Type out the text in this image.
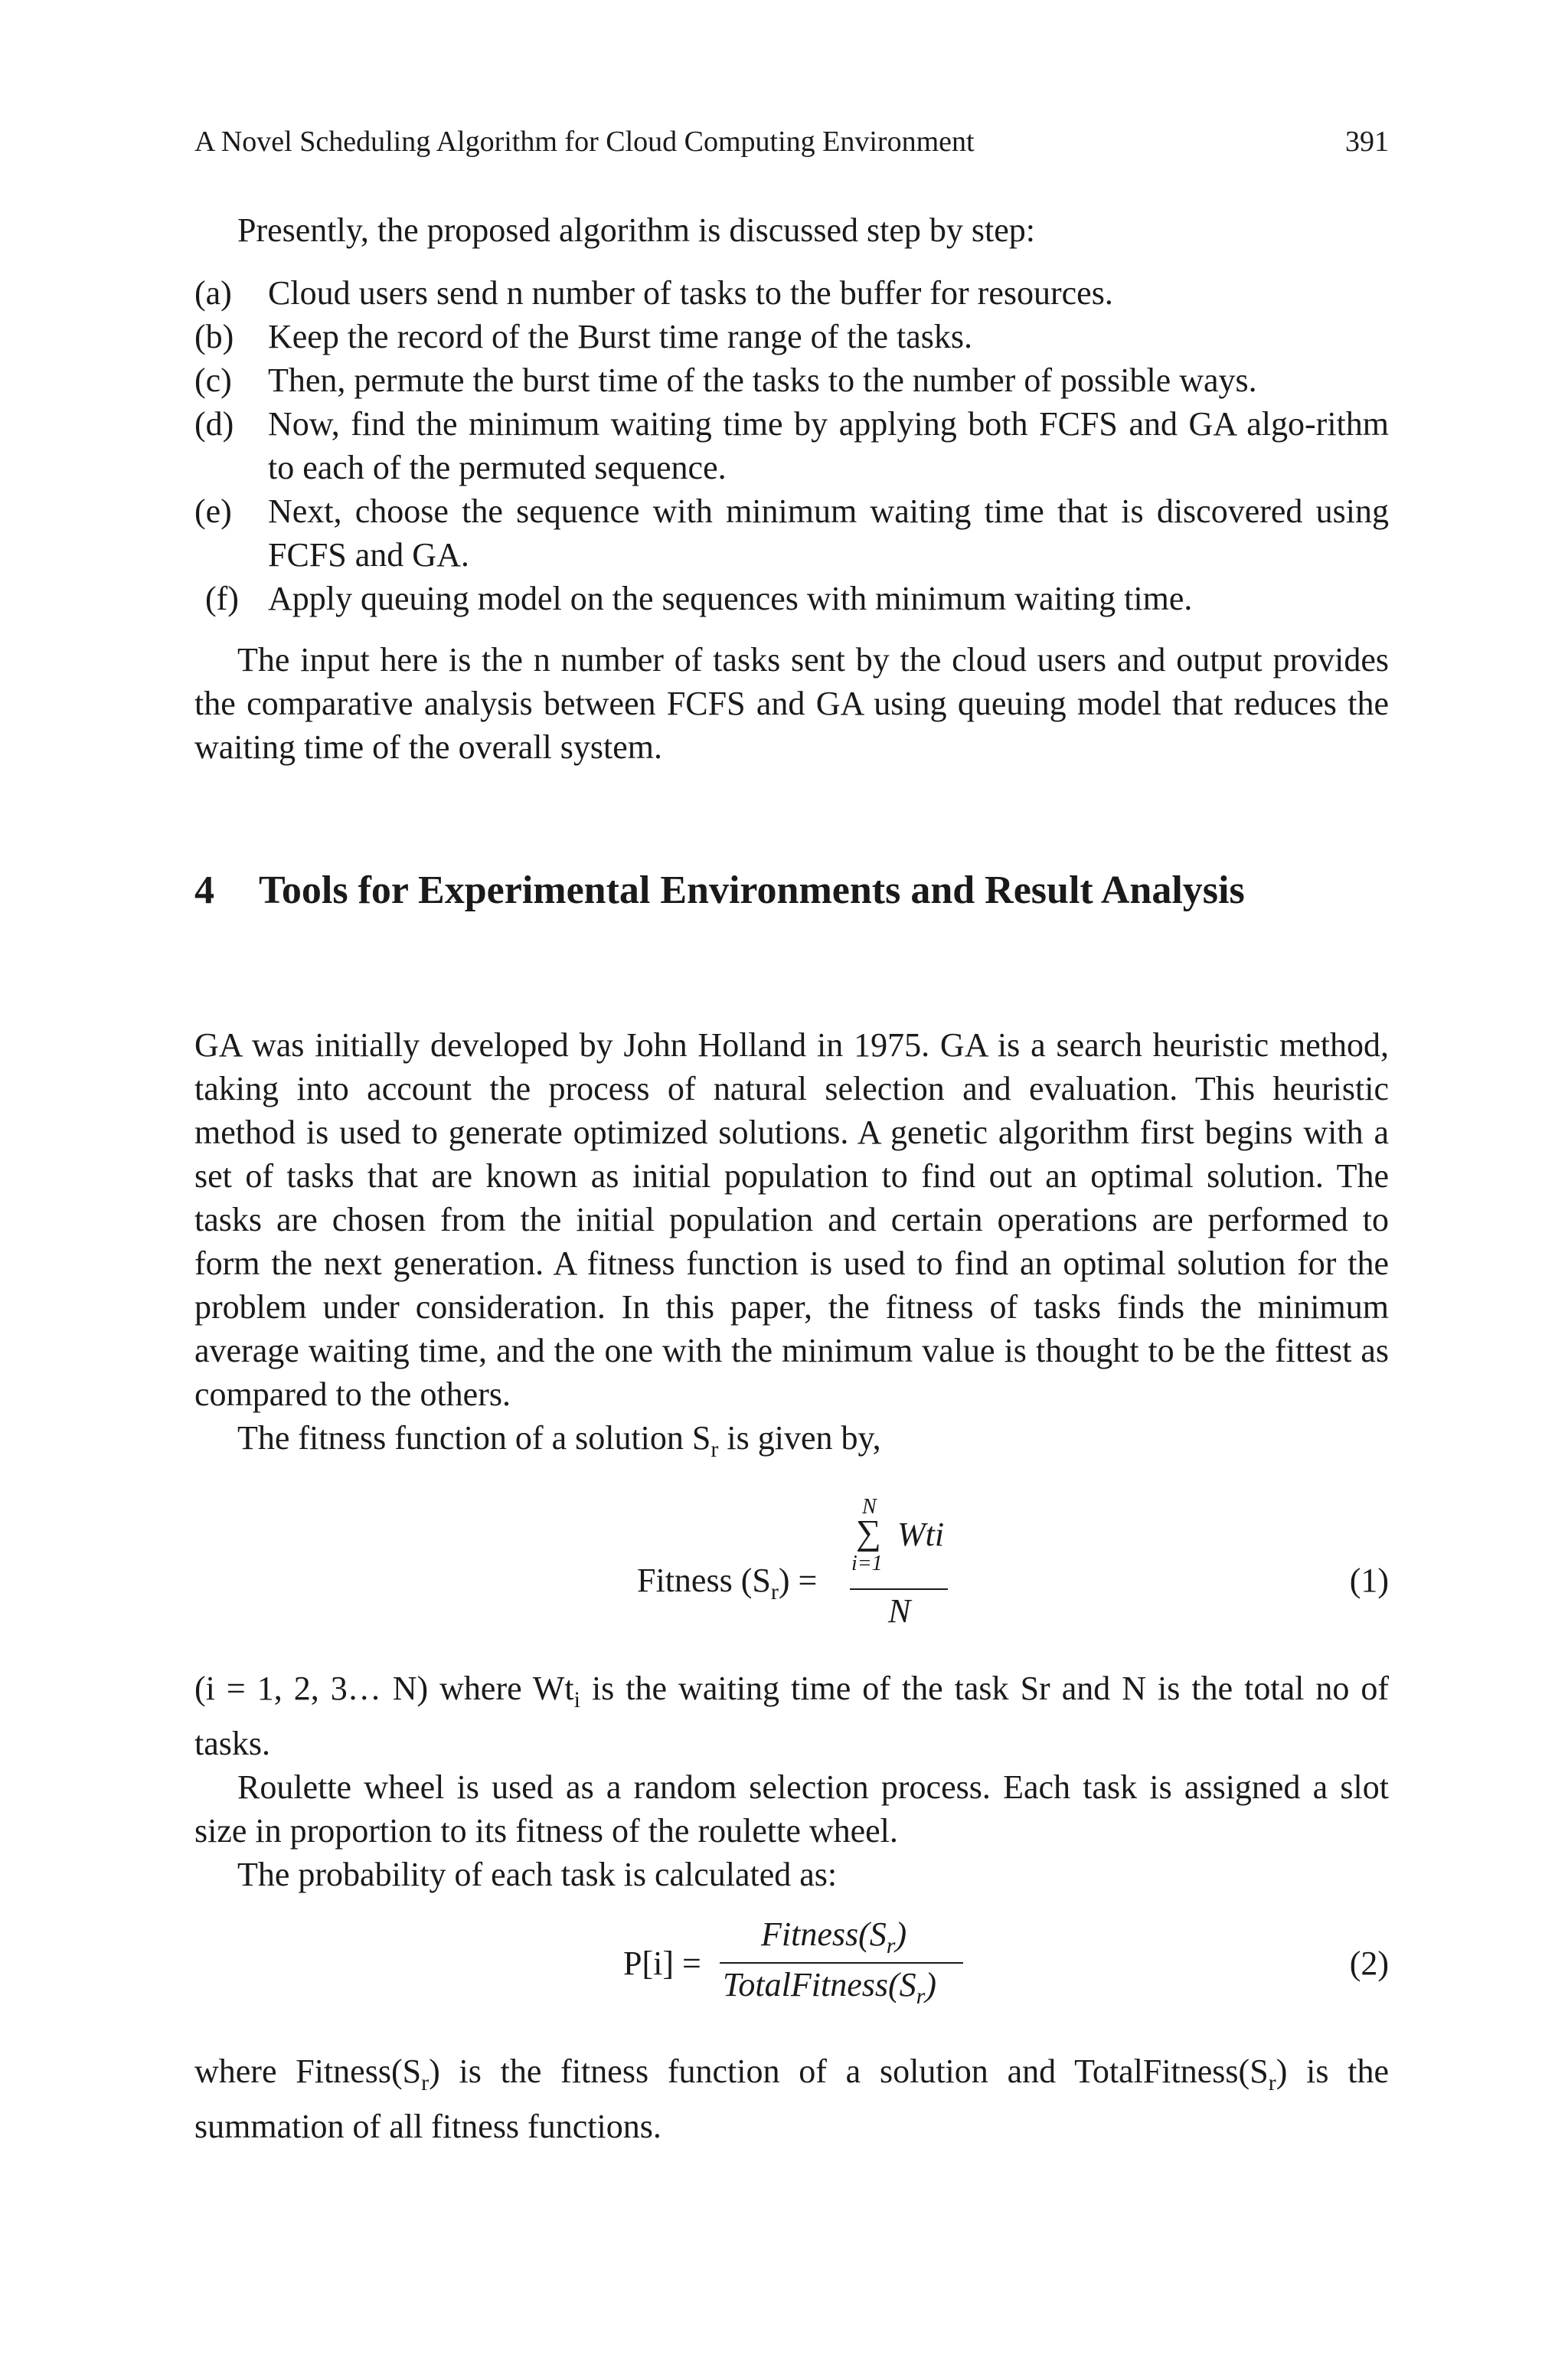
A Novel Scheduling Algorithm for Cloud Computing Environment	391

Presently, the proposed algorithm is discussed step by step:

(a) Cloud users send n number of tasks to the buffer for resources.
(b) Keep the record of the Burst time range of the tasks.
(c) Then, permute the burst time of the tasks to the number of possible ways.
(d) Now, find the minimum waiting time by applying both FCFS and GA algo-rithm to each of the permuted sequence.
(e) Next, choose the sequence with minimum waiting time that is discovered using FCFS and GA.
(f) Apply queuing model on the sequences with minimum waiting time.

The input here is the n number of tasks sent by the cloud users and output provides the comparative analysis between FCFS and GA using queuing model that reduces the waiting time of the overall system.

4	Tools for Experimental Environments and Result Analysis

GA was initially developed by John Holland in 1975. GA is a search heuristic method, taking into account the process of natural selection and evaluation. This heuristic method is used to generate optimized solutions. A genetic algorithm first begins with a set of tasks that are known as initial population to find out an optimal solution. The tasks are chosen from the initial population and certain operations are performed to form the next generation. A fitness function is used to find an optimal solution for the problem under consideration. In this paper, the fitness of tasks finds the minimum average waiting time, and the one with the minimum value is thought to be the fittest as compared to the others.

The fitness function of a solution $S_r$ is given by,

Fitness $(S_r)$ =
N
∑ Wti
i=1
N
(1)

(i = 1, 2, 3… N) where $Wt_i$ is the waiting time of the task Sr and N is the total no of tasks.

Roulette wheel is used as a random selection process. Each task is assigned a slot size in proportion to its fitness of the roulette wheel.

The probability of each task is calculated as:

P[i] =
$Fitness(S_r)$
$TotalFitness(S_r)$
(2)

where $Fitness(S_r)$ is the fitness function of a solution and $TotalFitness(S_r)$ is the summation of all fitness functions.
